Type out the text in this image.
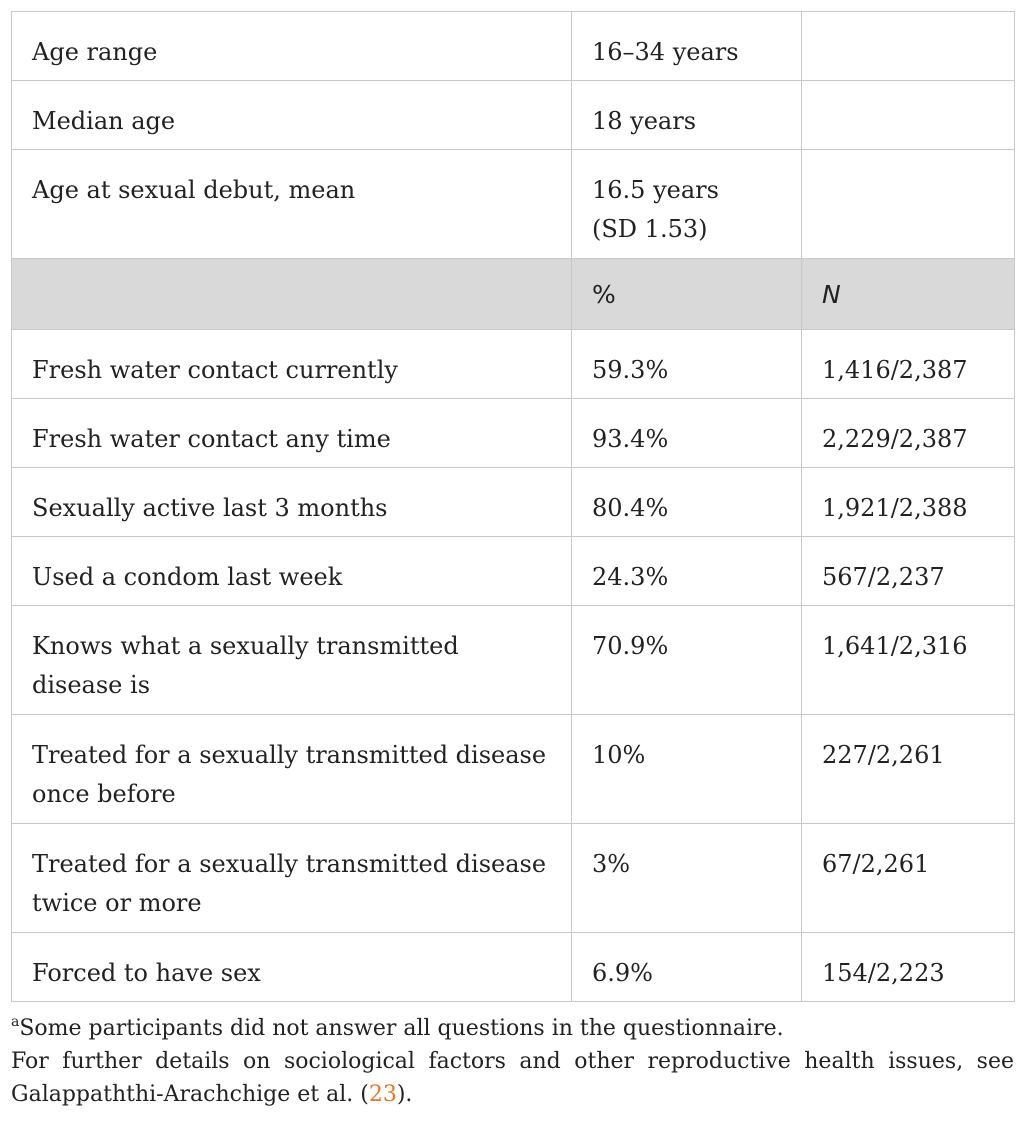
Age range	16–34 years	
Median age	18 years	
Age at sexual debut, mean	16.5 years
(SD 1.53)	
	%	N
Fresh water contact currently	59.3%	1,416/2,387
Fresh water contact any time	93.4%	2,229/2,387
Sexually active last 3 months	80.4%	1,921/2,388
Used a condom last week	24.3%	567/2,237
Knows what a sexually transmitted
disease is	70.9%	1,641/2,316
Treated for a sexually transmitted disease
once before	10%	227/2,261
Treated for a sexually transmitted disease
twice or more	3%	67/2,261
Forced to have sex	6.9%	154/2,223

$^a$Some participants did not answer all questions in the questionnaire.

For further details on sociological factors and other reproductive health issues, see Galappaththi-Arachchige et al. (23).
